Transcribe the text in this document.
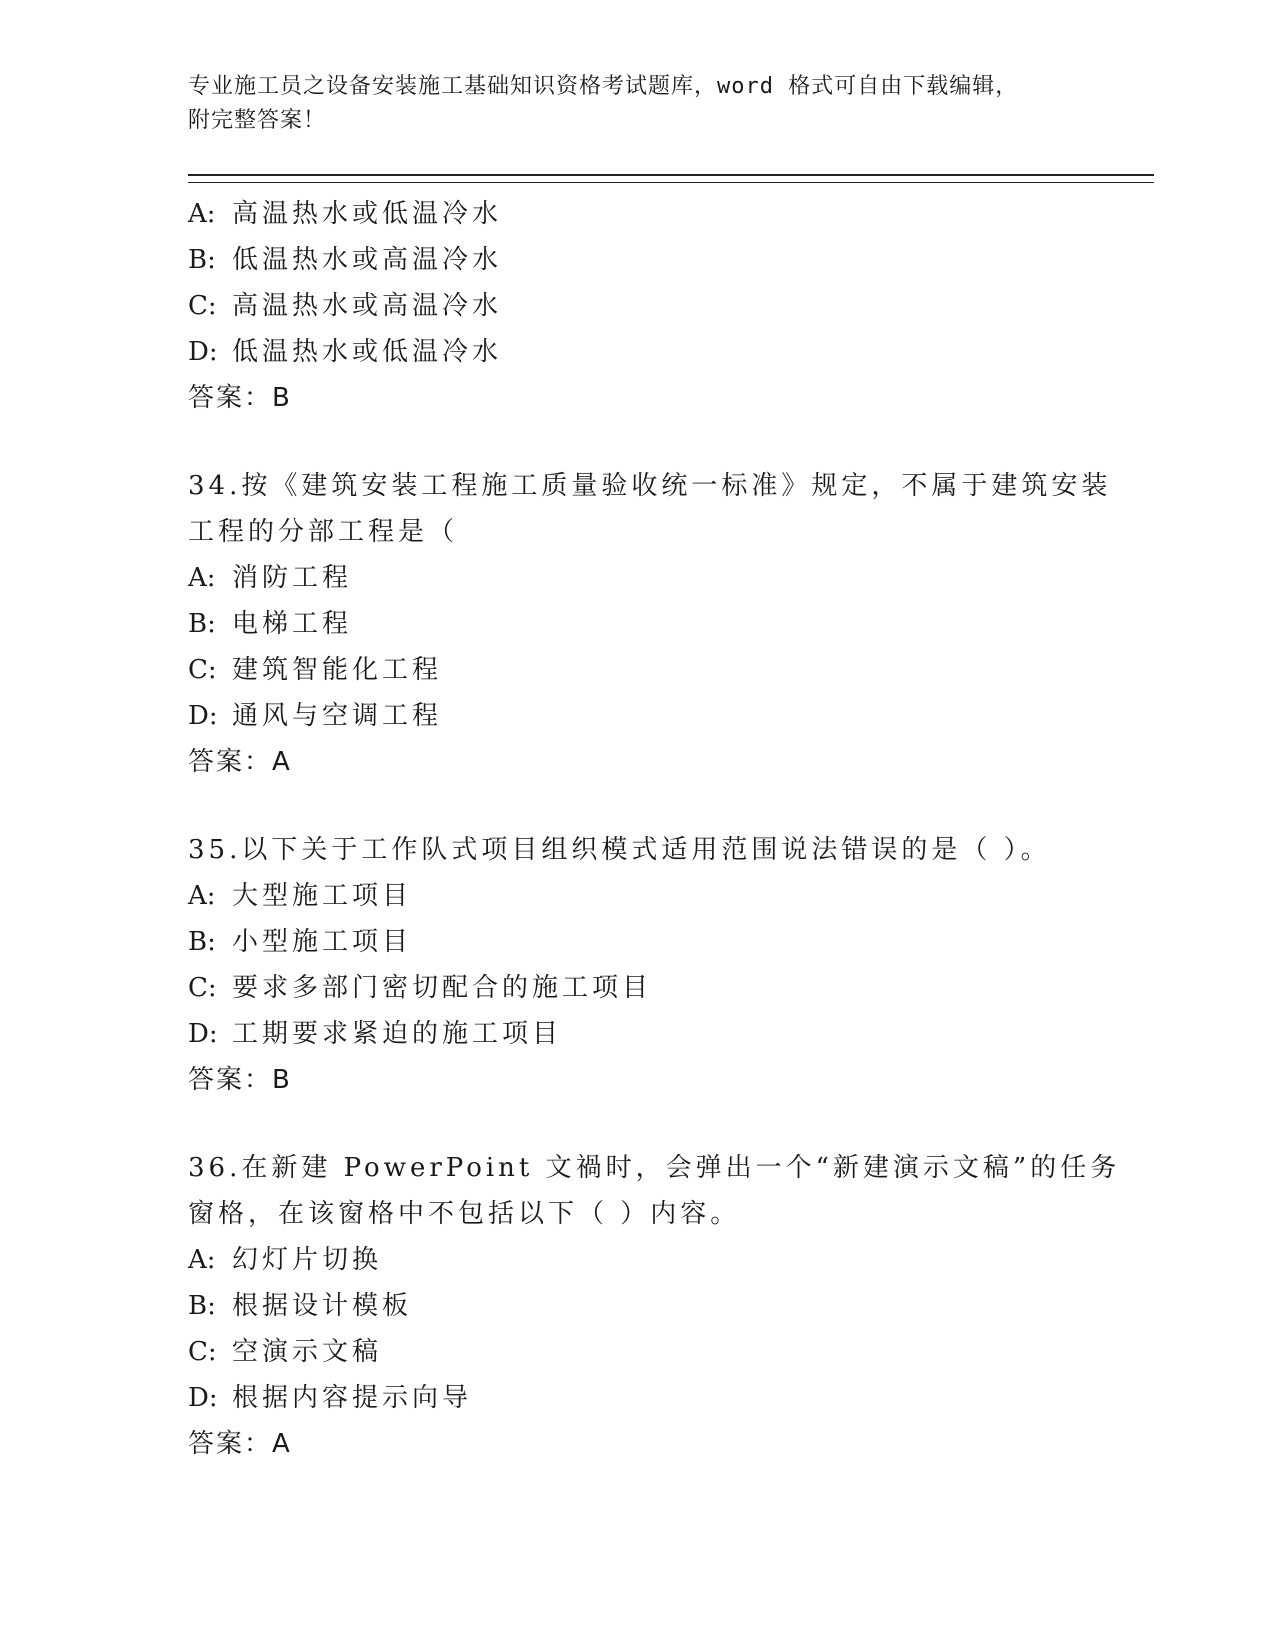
专业施工员之设备安装施工基础知识资格考试题库，word 格式可自由下载编辑，
附完整答案！
A: 高温热水或低温冷水
B: 低温热水或高温冷水
C: 高温热水或高温冷水
D: 低温热水或低温冷水
答案：B
34.按《建筑安装工程施工质量验收统一标准》规定，不属于建筑安装
工程的分部工程是（
A: 消防工程
B: 电梯工程
C: 建筑智能化工程
D: 通风与空调工程
答案：A
35.以下关于工作队式项目组织模式适用范围说法错误的是（ ）。
A: 大型施工项目
B: 小型施工项目
C: 要求多部门密切配合的施工项目
D: 工期要求紧迫的施工项目
答案：B
36.在新建 PowerPoint 文禍时，会弹出一个“新建演示文稿”的任务
窗格，在该窗格中不包括以下（ ）内容。
A: 幻灯片切换
B: 根据设计模板
C: 空演示文稿
D: 根据内容提示向导
答案：A
